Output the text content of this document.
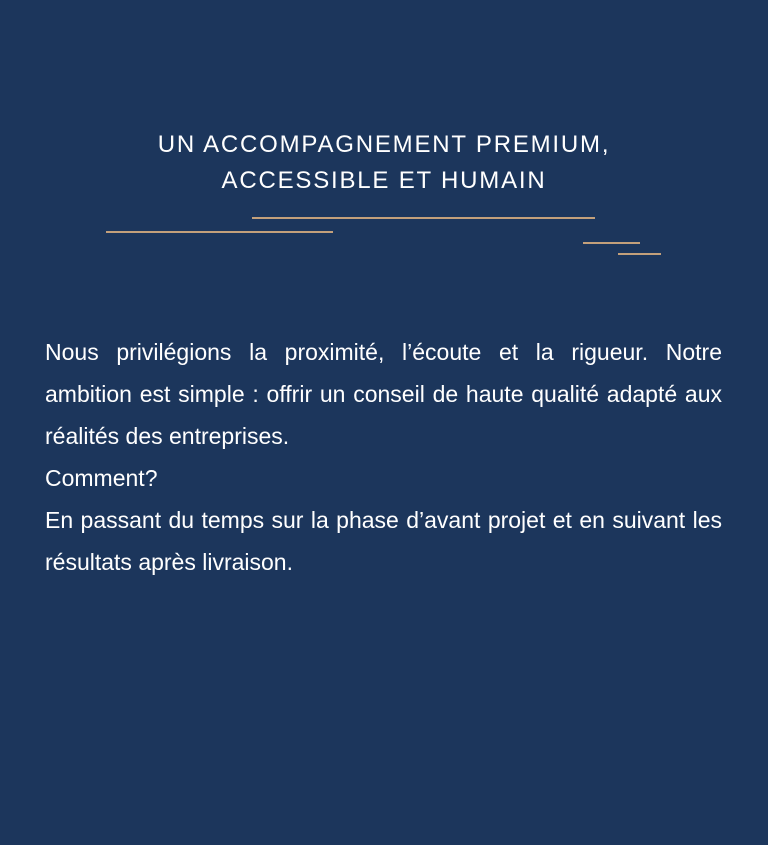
UN ACCOMPAGNEMENT PREMIUM,
ACCESSIBLE ET HUMAIN

Nous privilégions la proximité, l’écoute et la rigueur. Notre ambition est simple : offrir un conseil de haute qualité adapté aux réalités des entreprises.

Comment?

En passant du temps sur la phase d’avant projet et en suivant les résultats après livraison.
